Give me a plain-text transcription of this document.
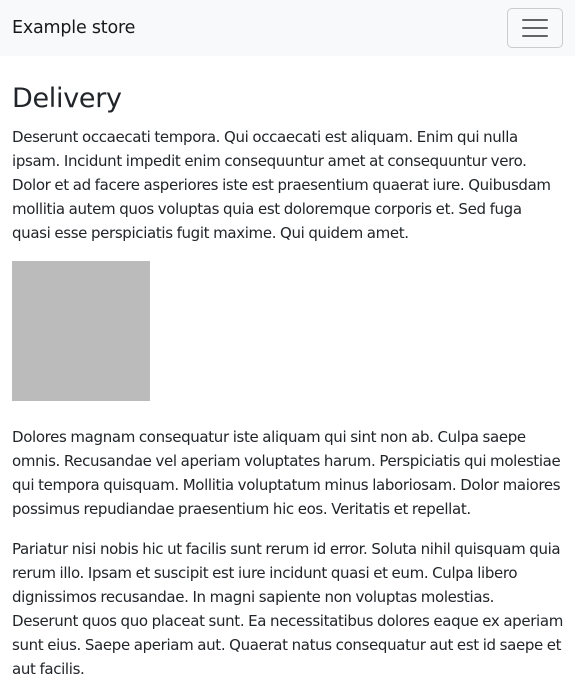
Example store
Delivery

Deserunt occaecati tempora. Qui occaecati est aliquam. Enim qui nulla ipsam. Incidunt impedit enim consequuntur amet at consequuntur vero. Dolor et ad facere asperiores iste est praesentium quaerat iure. Quibusdam mollitia autem quos voluptas quia est doloremque corporis et. Sed fuga quasi esse perspiciatis fugit maxime. Qui quidem amet.

Dolores magnam consequatur iste aliquam qui sint non ab. Culpa saepe omnis. Recusandae vel aperiam voluptates harum. Perspiciatis qui molestiae qui tempora quisquam. Mollitia voluptatum minus laboriosam. Dolor maiores possimus repudiandae praesentium hic eos. Veritatis et repellat.

Pariatur nisi nobis hic ut facilis sunt rerum id error. Soluta nihil quisquam quia rerum illo. Ipsam et suscipit est iure incidunt quasi et eum. Culpa libero dignissimos recusandae. In magni sapiente non voluptas molestias. Deserunt quos quo placeat sunt. Ea necessitatibus dolores eaque ex aperiam sunt eius. Saepe aperiam aut. Quaerat natus consequatur aut est id saepe et aut facilis.
